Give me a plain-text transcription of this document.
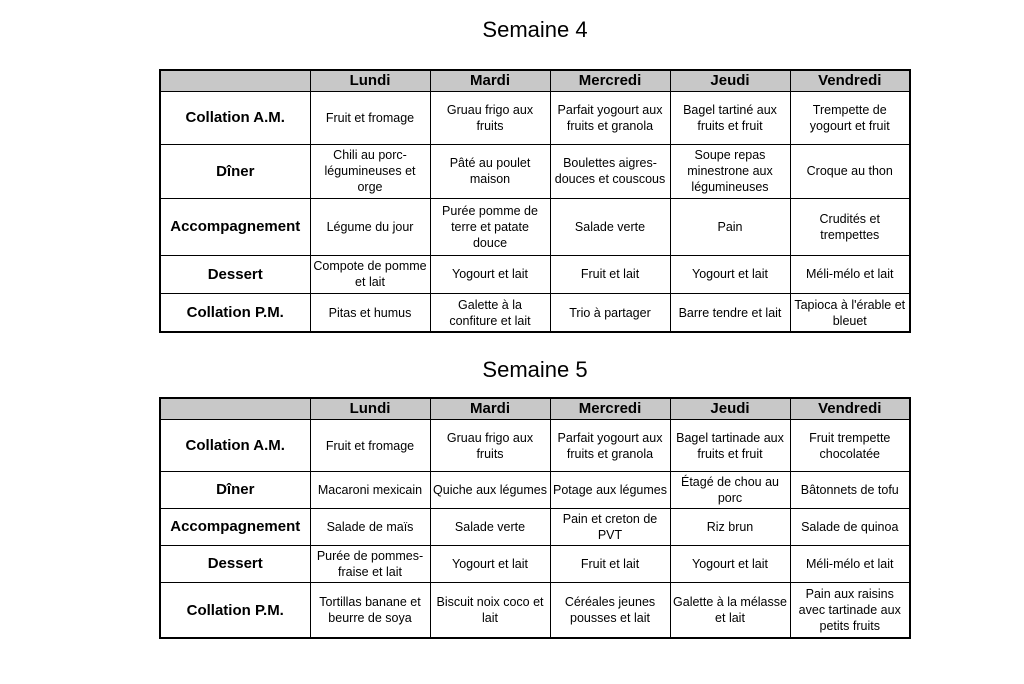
Semaine 4
	Lundi	Mardi	Mercredi	Jeudi	Vendredi
Collation A.M.	Fruit et fromage	Gruau frigo aux fruits	Parfait yogourt aux fruits et granola	Bagel tartiné aux fruits et fruit	Trempette de yogourt et fruit
Dîner	Chili au porc-légumineuses et orge	Pâté au poulet maison	Boulettes aigres-douces et couscous	Soupe repas minestrone aux légumineuses	Croque au thon
Accompagnement	Légume du jour	Purée pomme de terre et patate douce	Salade verte	Pain	Crudités et trempettes
Dessert	Compote de pomme et lait	Yogourt et lait	Fruit et lait	Yogourt et lait	Méli-mélo et lait
Collation P.M.	Pitas et humus	Galette à la confiture et lait	Trio à partager	Barre tendre et lait	Tapioca à l'érable et bleuet
Semaine 5
	Lundi	Mardi	Mercredi	Jeudi	Vendredi
Collation A.M.	Fruit et fromage	Gruau frigo aux fruits	Parfait yogourt aux fruits et granola	Bagel tartinade aux fruits et fruit	Fruit trempette chocolatée
Dîner	Macaroni mexicain	Quiche aux légumes	Potage aux légumes	Étagé de chou au porc	Bâtonnets de tofu
Accompagnement	Salade de maïs	Salade verte	Pain et creton de PVT	Riz brun	Salade de quinoa
Dessert	Purée de pommes-fraise et lait	Yogourt et lait	Fruit et lait	Yogourt et lait	Méli-mélo et lait
Collation P.M.	Tortillas banane et beurre de soya	Biscuit noix coco et lait	Céréales jeunes pousses et lait	Galette à la mélasse et lait	Pain aux raisins avec tartinade aux petits fruits
